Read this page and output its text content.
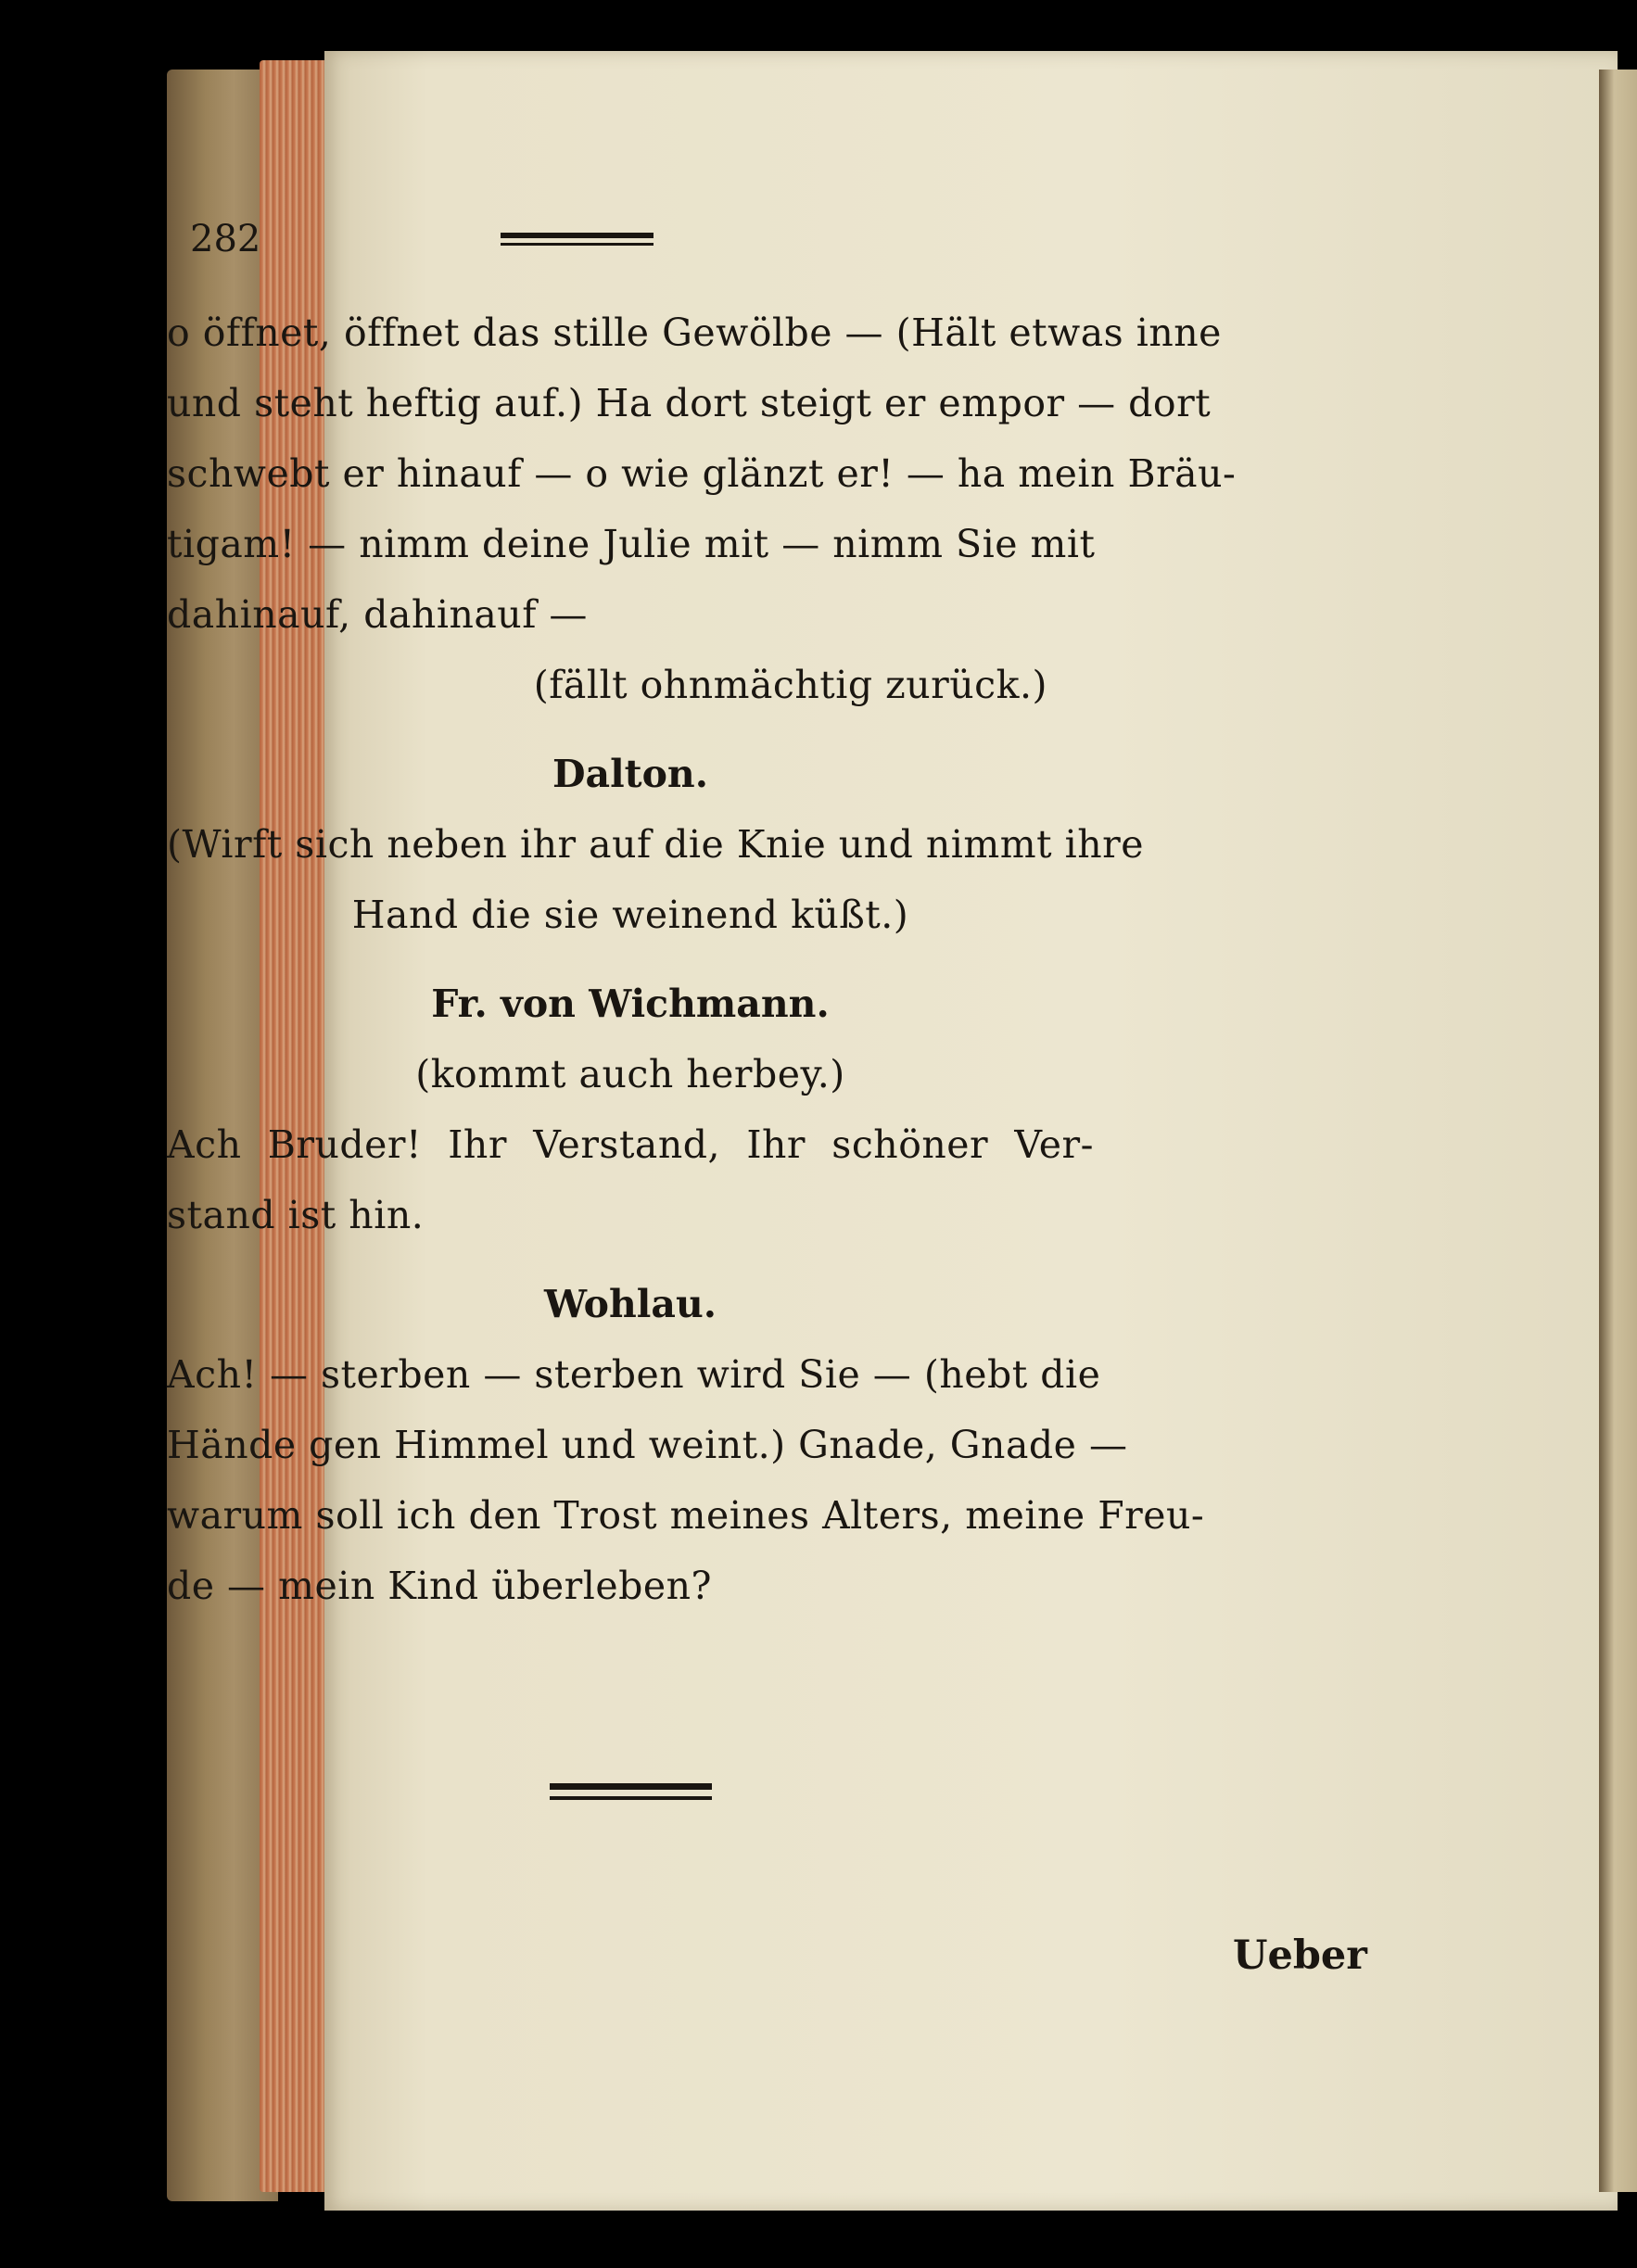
282
o öffnet, öffnet das stille Gewölbe — (Hält etwas inne
und steht heftig auf.) Ha dort steigt er empor — dort
schwebt er hinauf — o wie glänzt er! — ha mein Bräu-
tigam! — nimm deine Julie mit — nimm Sie mit
dahinauf, dahinauf —
(fällt ohnmächtig zurück.)
Dalton.
(Wirft sich neben ihr auf die Knie und nimmt ihre
Hand die sie weinend küßt.)
Fr. von Wichmann.
(kommt auch herbey.)
Ach Bruder! Ihr Verstand, Ihr schöner Ver-
stand ist hin.
Wohlau.
Ach! — sterben — sterben wird Sie — (hebt die
Hände gen Himmel und weint.) Gnade, Gnade —
warum soll ich den Trost meines Alters, meine Freu-
de — mein Kind überleben?
Ueber
